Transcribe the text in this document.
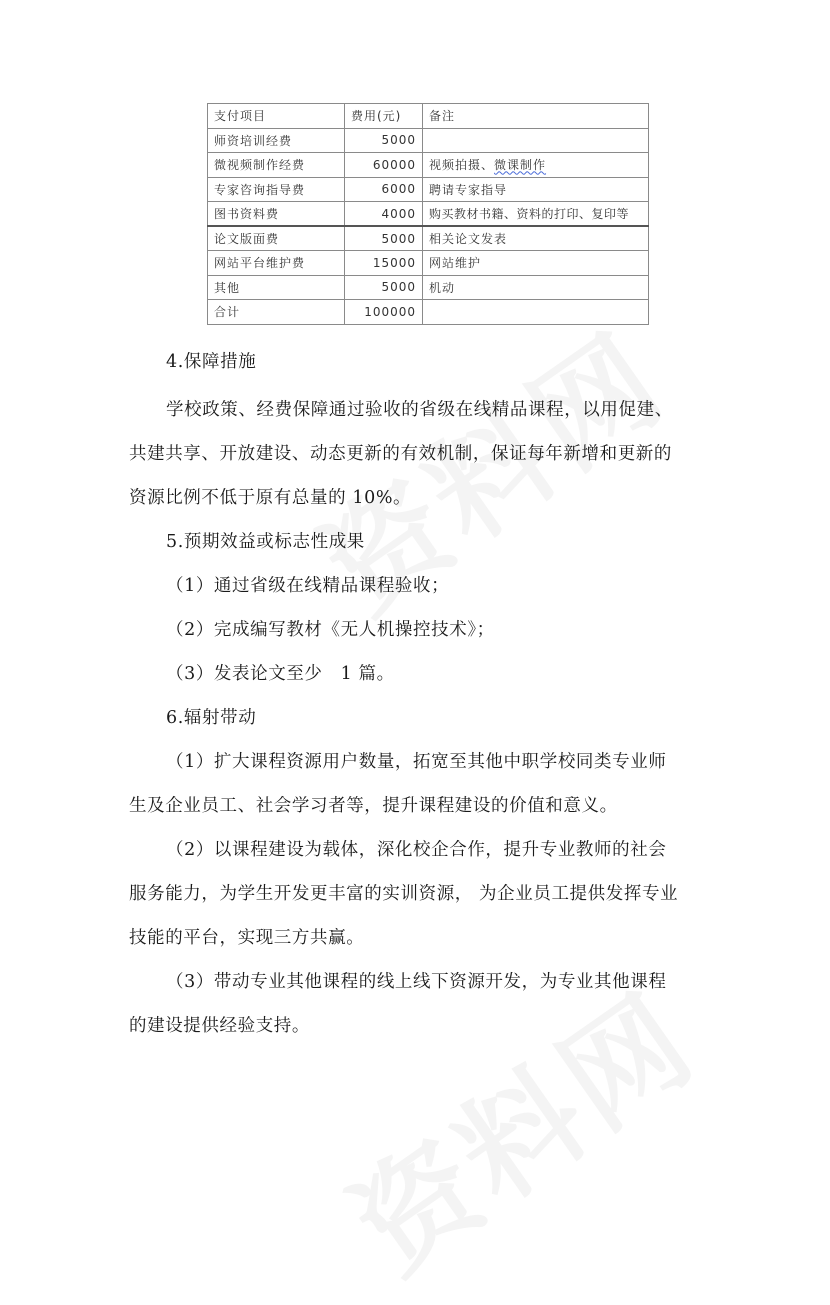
支付项目	费用(元)	备注
师资培训经费	5000	
微视频制作经费	60000	视频拍摄、微课制作
专家咨询指导费	6000	聘请专家指导
图书资料费	4000	购买教材书籍、资料的打印、复印等
论文版面费	5000	相关论文发表
网站平台维护费	15000	网站维护
其他	5000	机动
合计	100000	
4.保障措施
学校政策、经费保障通过验收的省级在线精品课程，以用促建、
共建共享、开放建设、动态更新的有效机制，保证每年新增和更新的
资源比例不低于原有总量的 10%。
5.预期效益或标志性成果
（1）通过省级在线精品课程验收；
（2）完成编写教材《无人机操控技术》；
（3）发表论文至少　1 篇。
6.辐射带动
（1）扩大课程资源用户数量，拓宽至其他中职学校同类专业师
生及企业员工、社会学习者等，提升课程建设的价值和意义。
（2）以课程建设为载体，深化校企合作，提升专业教师的社会
服务能力，为学生开发更丰富的实训资源， 为企业员工提供发挥专业
技能的平台，实现三方共赢。
（3）带动专业其他课程的线上线下资源开发，为专业其他课程
的建设提供经验支持。
